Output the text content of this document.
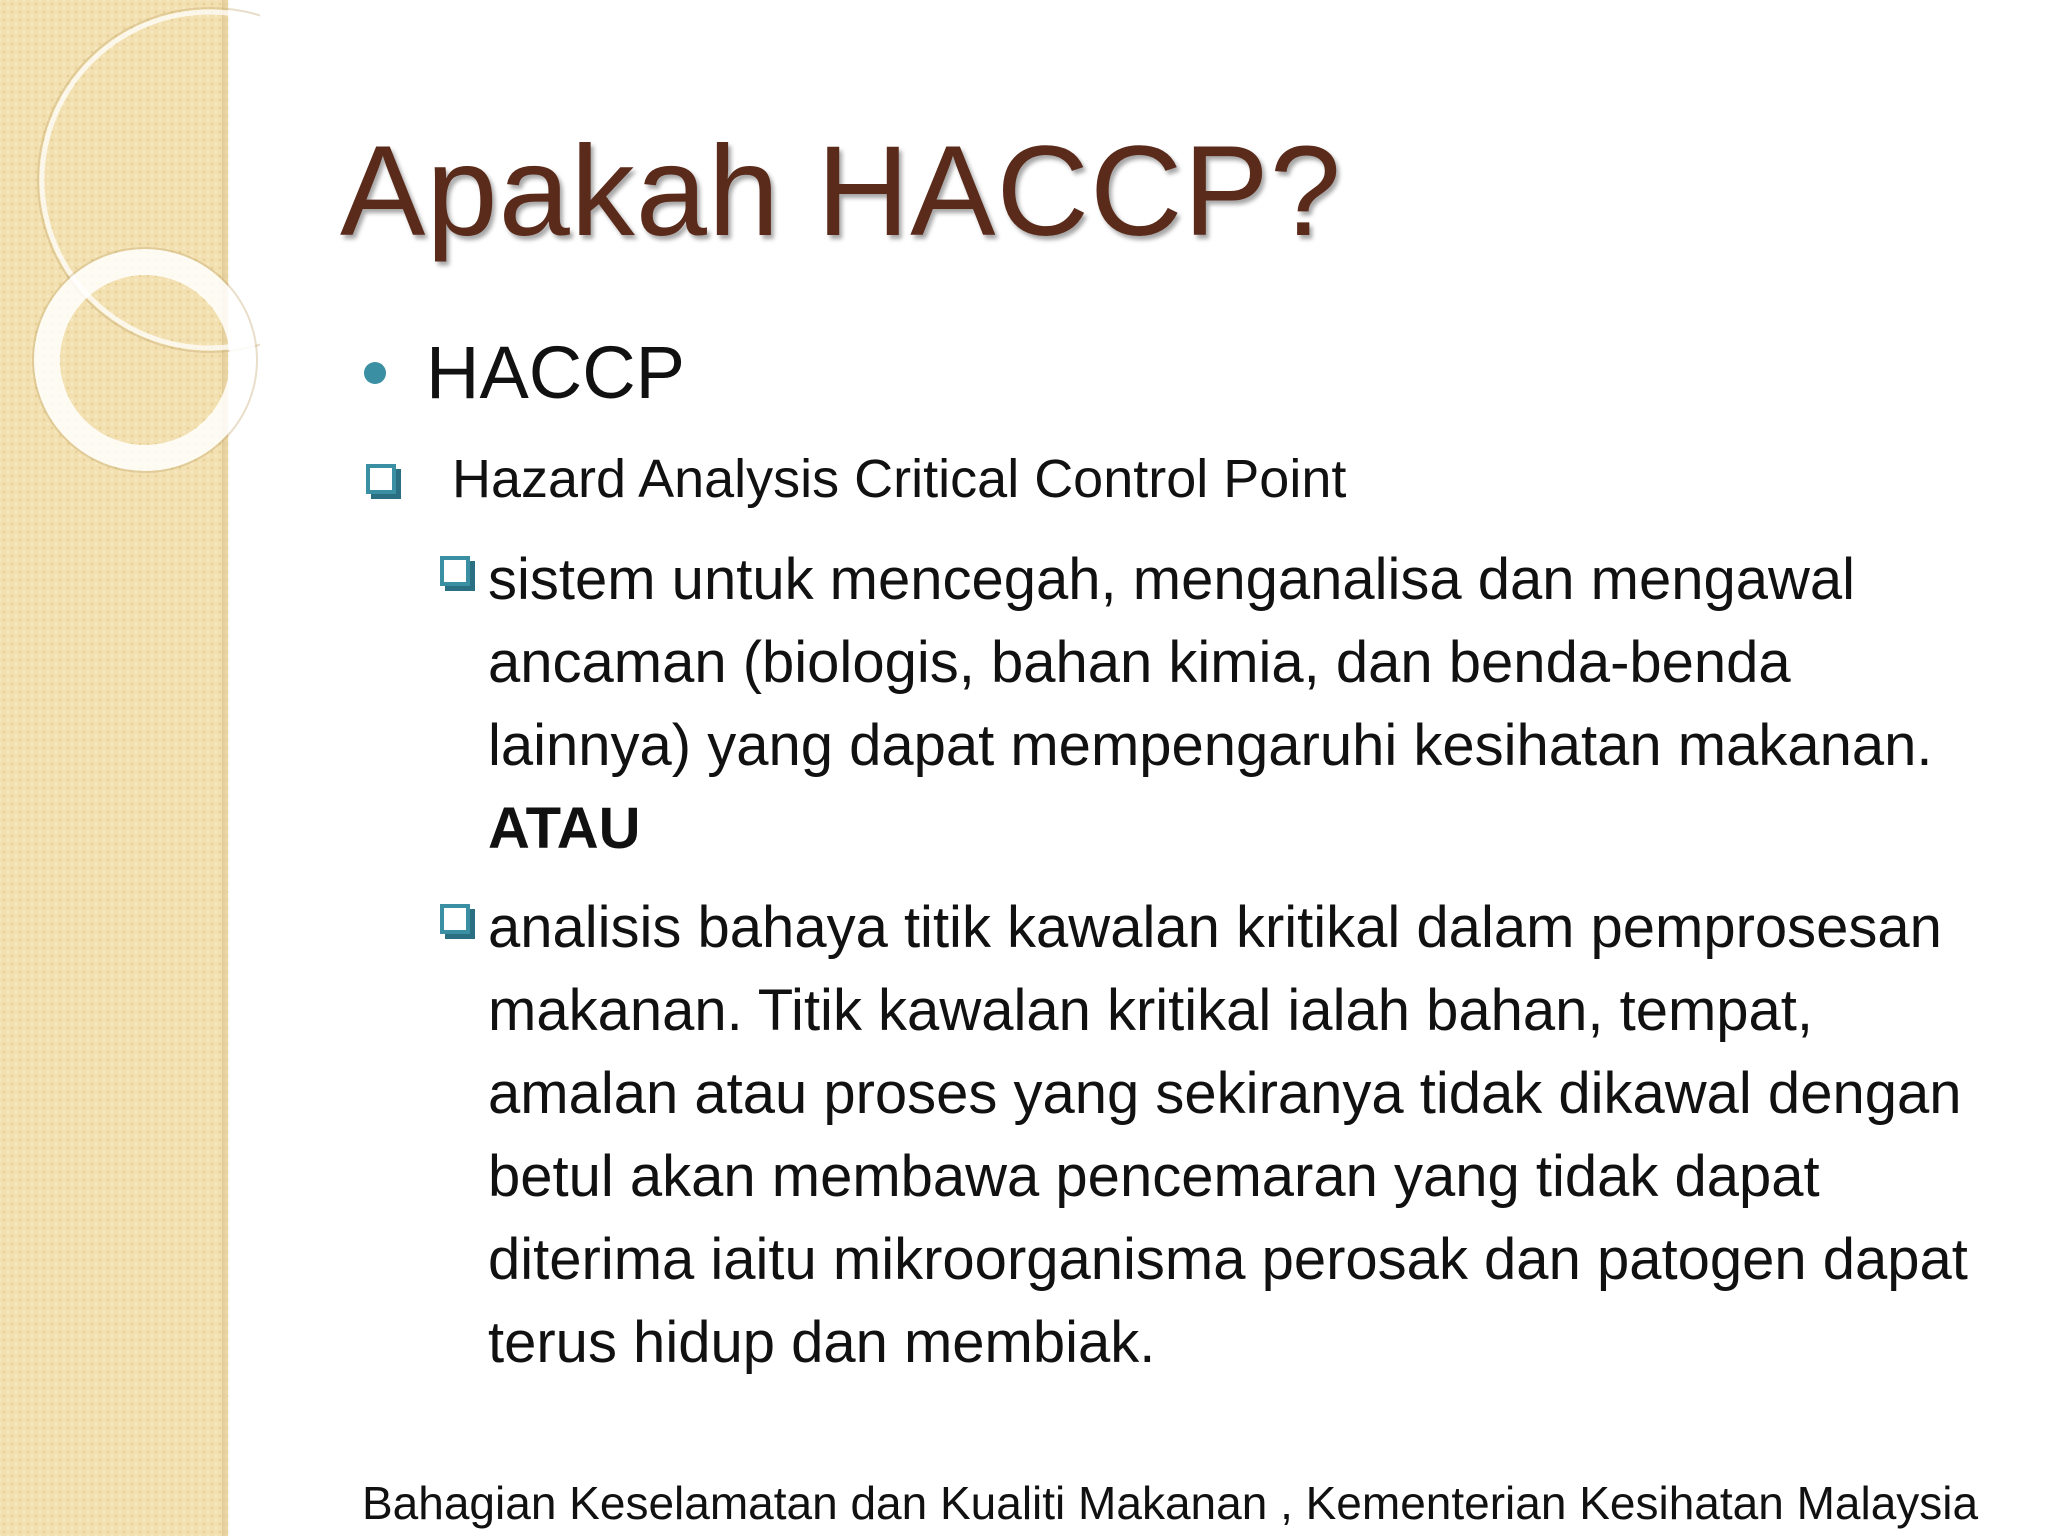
Apakah HACCP?
HACCP
Hazard Analysis Critical Control Point
sistem untuk mencegah, menganalisa dan mengawal ancaman (biologis, bahan kimia, dan benda-benda lainnya) yang dapat mempengaruhi kesihatan makanan. ATAU
analisis bahaya titik kawalan kritikal dalam pemprosesan makanan. Titik kawalan kritikal ialah bahan, tempat, amalan atau proses yang sekiranya tidak dikawal dengan betul akan membawa pencemaran yang tidak dapat diterima iaitu mikroorganisma perosak dan patogen dapat terus hidup dan membiak.
Bahagian Keselamatan dan Kualiti Makanan , Kementerian Kesihatan Malaysia
